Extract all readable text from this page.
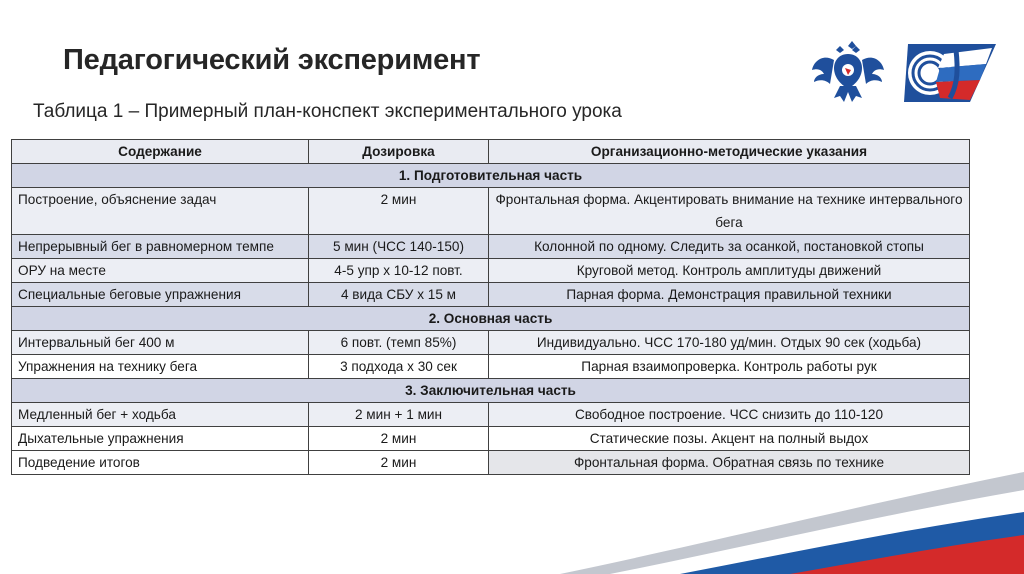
Педагогический эксперимент
Таблица 1 – Примерный план-конспект экспериментального урока
Содержание	Дозировка	Организационно-методические указания
1. Подготовительная часть		
Построение, объяснение задач	2 мин	Фронтальная форма. Акцентировать внимание на технике интервального бега
Непрерывный бег в равномерном темпе	5 мин (ЧСС 140-150)	Колонной по одному. Следить за осанкой, постановкой стопы
ОРУ на месте	4-5 упр х 10-12 повт.	Круговой метод. Контроль амплитуды движений
Специальные беговые упражнения	4 вида СБУ х 15 м	Парная форма. Демонстрация правильной техники
2. Основная часть		
Интервальный бег 400 м	6 повт. (темп 85%)	Индивидуально. ЧСС 170-180 уд/мин. Отдых 90 сек (ходьба)
Упражнения на технику бега	3 подхода х 30 сек	Парная взаимопроверка. Контроль работы рук
3. Заключительная часть		
Медленный бег + ходьба	2 мин + 1 мин	Свободное построение. ЧСС снизить до 110-120
Дыхательные упражнения	2 мин	Статические позы. Акцент на полный выдох
Подведение итогов	2 мин	Фронтальная форма. Обратная связь по технике
